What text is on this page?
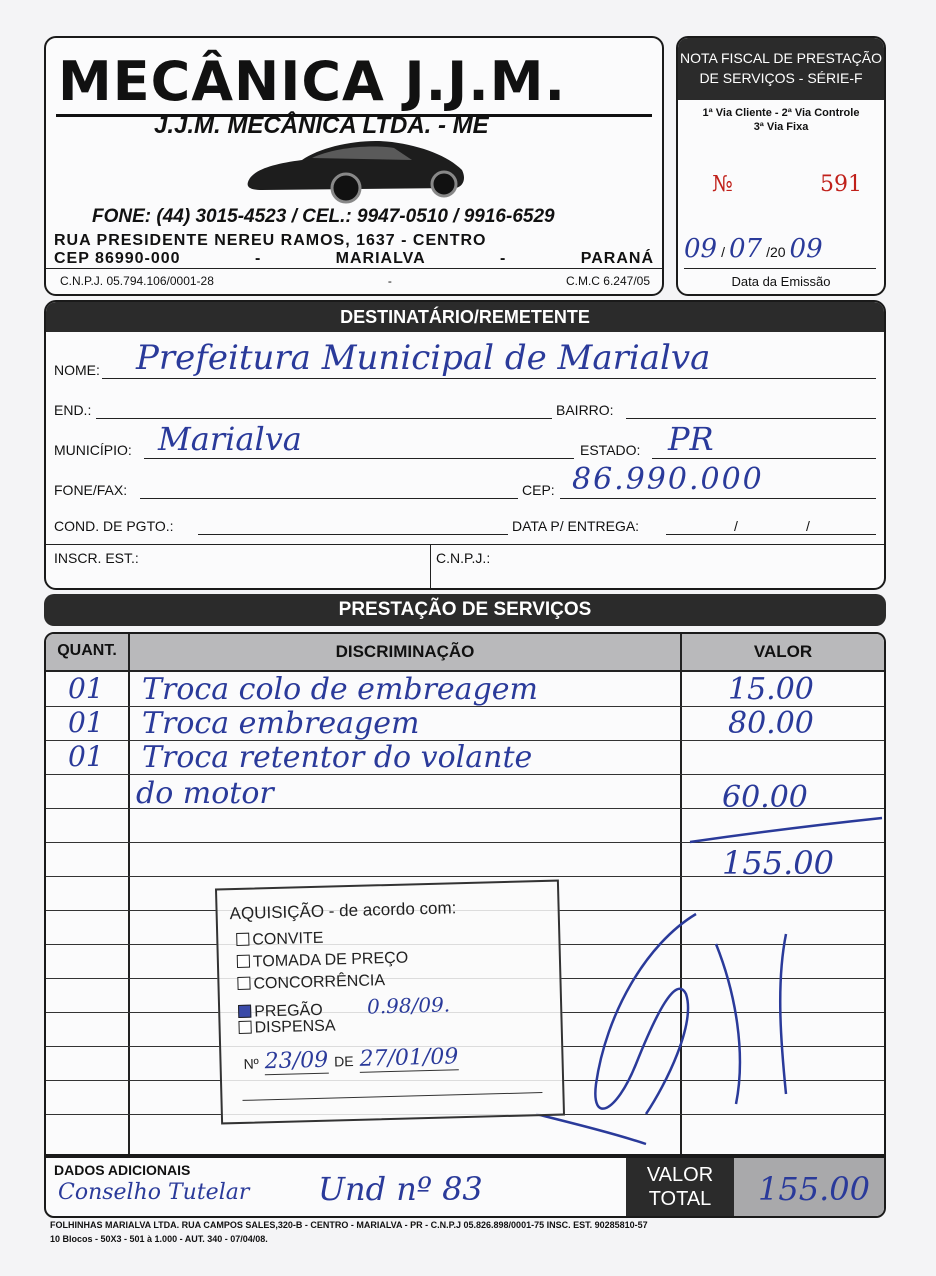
MECÂNICA J.J.M.
J.J.M. MECÂNICA LTDA. - ME
FONE: (44) 3015-4523 / CEL.: 9947-0510 / 9916-6529
RUA PRESIDENTE NEREU RAMOS, 1637 - CENTRO
CEP 86990-000	-	MARIALVA	-	PARANÁ
C.N.P.J. 05.794.106/0001-28	-	C.M.C 6.247/05
NOTA FISCAL DE PRESTAÇÃO
DE SERVIÇOS - SÉRIE-F
1ª Via Cliente - 2ª Via Controle
3ª Via Fixa
№	591
09 / 07 /20 09
Data da Emissão
DESTINATÁRIO/REMETENTE
NOME: Prefeitura Municipal de Marialva
END.:	BAIRRO:
MUNICÍPIO: Marialva	ESTADO: PR
FONE/FAX:	CEP: 86.990.000
COND. DE PGTO.:	DATA P/ ENTREGA:	/	/
INSCR. EST.:	C.N.P.J.:
PRESTAÇÃO DE SERVIÇOS
QUANT.	DISCRIMINAÇÃO	VALOR
01 Troca colo de embreagem	15.00
01 Troca embreagem	80.00
01 Troca retentor do volante
do motor	60.00
155.00
AQUISIÇÃO - de acordo com:
CONVITE
TOMADA DE PREÇO
CONCORRÊNCIA
PREGÃO 0.98/09.
DISPENSA
Nº 23/09 DE 27/01/09
DADOS ADICIONAIS
Conselho Tutelar Und nº 83	VALOR
TOTAL	155.00
FOLHINHAS MARIALVA LTDA. RUA CAMPOS SALES,320-B - CENTRO - MARIALVA - PR - C.N.P.J 05.826.898/0001-75 INSC. EST. 90285810-57
10 Blocos - 50X3 - 501 à 1.000 - AUT. 340 - 07/04/08.
